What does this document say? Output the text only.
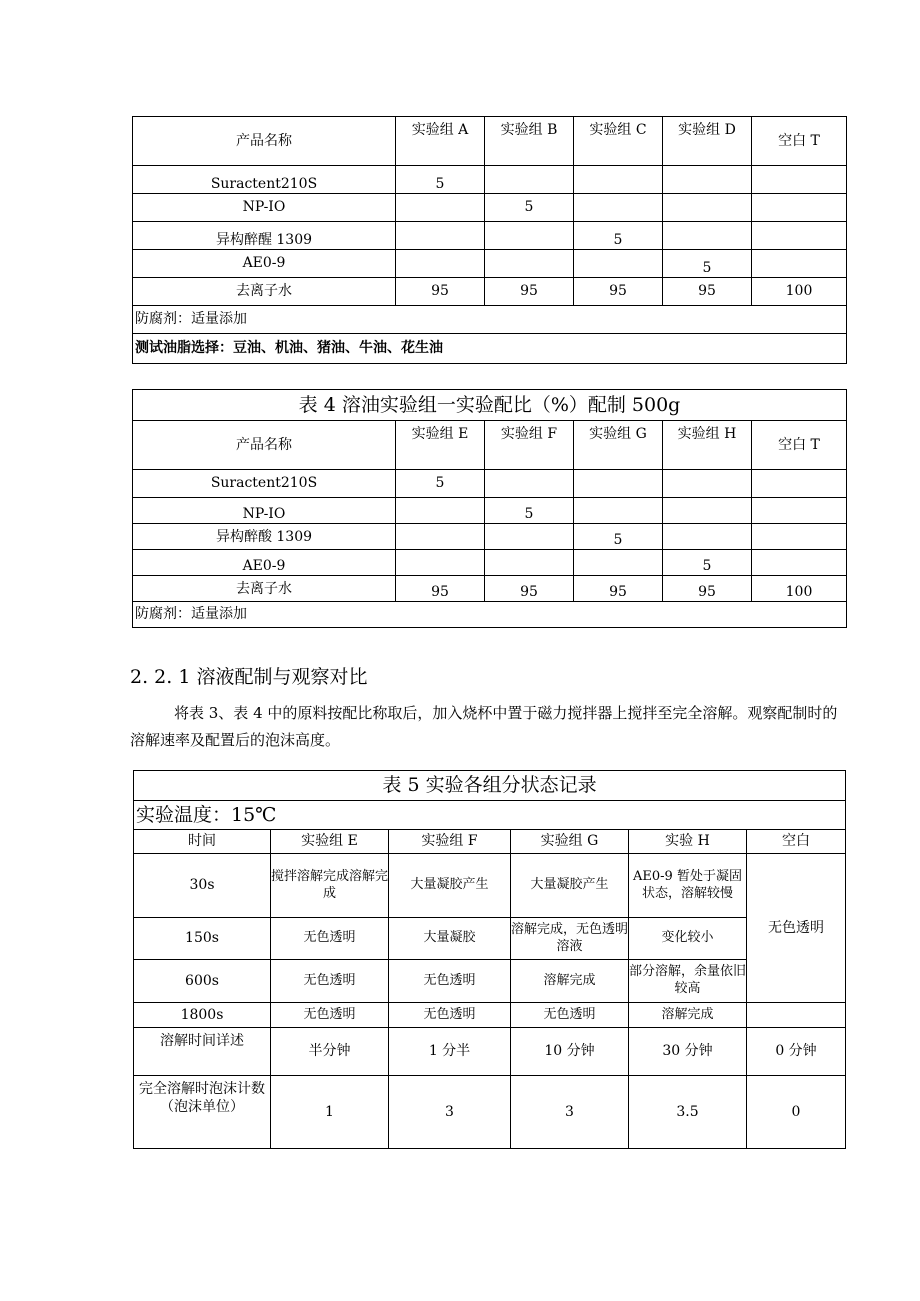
产品名称	实验组 A	实验组 B	实验组 C	实验组 D	空白 T
Suractent210S	5				
NP-IO		5			
异构醉醒 1309			5		
AE0-9				5	
去离子水	95	95	95	95	100
防腐剂：适量添加					
测试油脂选择：豆油、机油、猪油、牛油、花生油					
表 4 溶油实验组一实验配比（%）配制 500g					
产品名称	实验组 E	实验组 F	实验组 G	实验组 H	空白 T
Suractent210S	5				
NP-IO		5			
异构醉酸 1309			5		
AE0-9				5	
去离子水	95	95	95	95	100
防腐剂：适量添加					
2. 2. 1 溶液配制与观察对比

将表 3、表 4 中的原料按配比称取后，加入烧杯中置于磁力搅拌器上搅拌至完全溶解。观察配制时的溶解速率及配置后的泡沫高度。

表 5 实验各组分状态记录					
实验温度：15℃					
时间	实验组 E	实验组 F	实验组 G	实验 H	空白
30s	搅拌溶解完成溶解完成	大量凝胶产生	大量凝胶产生	AE0-9 暂处于凝固状态，溶解较慢	无色透明
150s	无色透明	大量凝胶	溶解完成，无色透明溶液	变化较小	
600s	无色透明	无色透明	溶解完成	部分溶解，余量依旧较高	
1800s	无色透明	无色透明	无色透明	溶解完成	
溶解时间详述	半分钟	1 分半	10 分钟	30 分钟	0 分钟
完全溶解时泡沫计数（泡沫单位）	1	3	3	3.5	0
